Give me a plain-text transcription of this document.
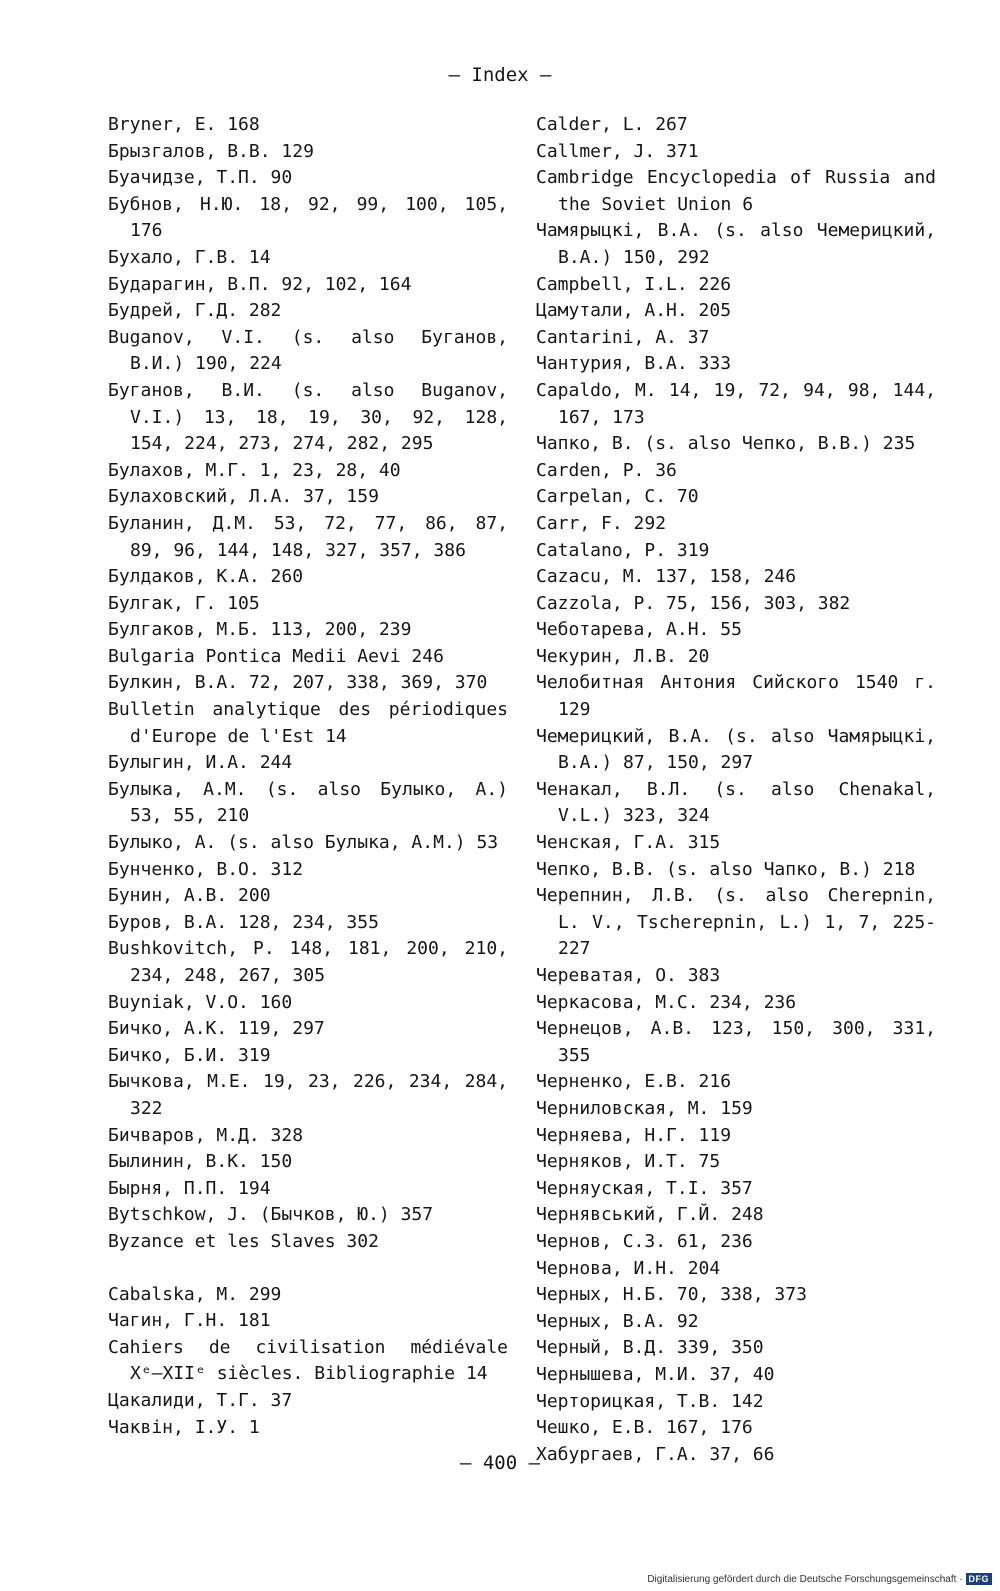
– Index –
Bryner, E. 168
Брызгалов, В.В. 129
Буачидзе, Т.П. 90
Бубнов, Н.Ю. 18, 92, 99, 100, 105, 176
Бухало, Г.В. 14
Бударагин, В.П. 92, 102, 164
Будрей, Г.Д. 282
Buganov, V.I. (s. also Буганов, В.И.) 190, 224
Буганов, В.И. (s. also Buganov, V.I.) 13, 18, 19, 30, 92, 128, 154, 224, 273, 274, 282, 295
Булахов, М.Г. 1, 23, 28, 40
Булаховский, Л.А. 37, 159
Буланин, Д.М. 53, 72, 77, 86, 87, 89, 96, 144, 148, 327, 357, 386
Булдаков, К.А. 260
Булгак, Г. 105
Булгаков, М.Б. 113, 200, 239
Bulgaria Pontica Medii Aevi 246
Булкин, В.А. 72, 207, 338, 369, 370
Bulletin analytique des périodiques d'Europe de l'Est 14
Булыгин, И.А. 244
Булыка, А.М. (s. also Булыко, А.) 53, 55, 210
Булыко, А. (s. also Булыка, А.М.) 53
Бунченко, В.О. 312
Бунин, А.В. 200
Буров, В.А. 128, 234, 355
Bushkovitch, P. 148, 181, 200, 210, 234, 248, 267, 305
Buyniak, V.O. 160
Бичко, А.К. 119, 297
Бичко, Б.И. 319
Бычкова, М.Е. 19, 23, 226, 234, 284, 322
Бичваров, М.Д. 328
Былинин, В.К. 150
Бырня, П.П. 194
Bytschkow, J. (Бычков, Ю.) 357
Byzance et les Slaves 302
Cabalska, M. 299
Чагин, Г.Н. 181
Cahiers de civilisation médiévale Xᵉ–XIIᵉ siècles. Bibliographie 14
Цакалиди, Т.Г. 37
Чаквін, І.У. 1
Calder, L. 267
Callmer, J. 371
Cambridge Encyclopedia of Russia and the Soviet Union 6
Чамярыцкі, В.А. (s. also Чемерицкий, В.А.) 150, 292
Campbell, I.L. 226
Цамутали, А.Н. 205
Cantarini, A. 37
Чантурия, В.А. 333
Capaldo, M. 14, 19, 72, 94, 98, 144, 167, 173
Чапко, В. (s. also Чепко, В.В.) 235
Carden, P. 36
Carpelan, C. 70
Carr, F. 292
Catalano, P. 319
Cazacu, M. 137, 158, 246
Cazzola, P. 75, 156, 303, 382
Чеботарева, А.Н. 55
Чекурин, Л.В. 20
Челобитная Антония Сийского 1540 г. 129
Чемерицкий, В.А. (s. also Чамярыцкі, В.А.) 87, 150, 297
Ченакал, В.Л. (s. also Chenakal, V.L.) 323, 324
Ченская, Г.А. 315
Чепко, В.В. (s. also Чапко, В.) 218
Черепнин, Л.В. (s. also Cherepnin, L. V., Tscherepnin, L.) 1, 7, 225-227
Череватая, О. 383
Черкасова, М.С. 234, 236
Чернецов, А.В. 123, 150, 300, 331, 355
Черненко, Е.В. 216
Черниловская, М. 159
Черняева, Н.Г. 119
Черняков, И.Т. 75
Черняуская, Т.І. 357
Чернявський, Г.Й. 248
Чернов, С.З. 61, 236
Чернова, И.Н. 204
Черных, Н.Б. 70, 338, 373
Черных, В.А. 92
Черный, В.Д. 339, 350
Чернышева, М.И. 37, 40
Черторицкая, Т.В. 142
Чешко, Е.В. 167, 176
Хабургаев, Г.А. 37, 66
– 400 –
Digitalisierung gefördert durch die Deutsche Forschungsgemeinschaft · DFG
